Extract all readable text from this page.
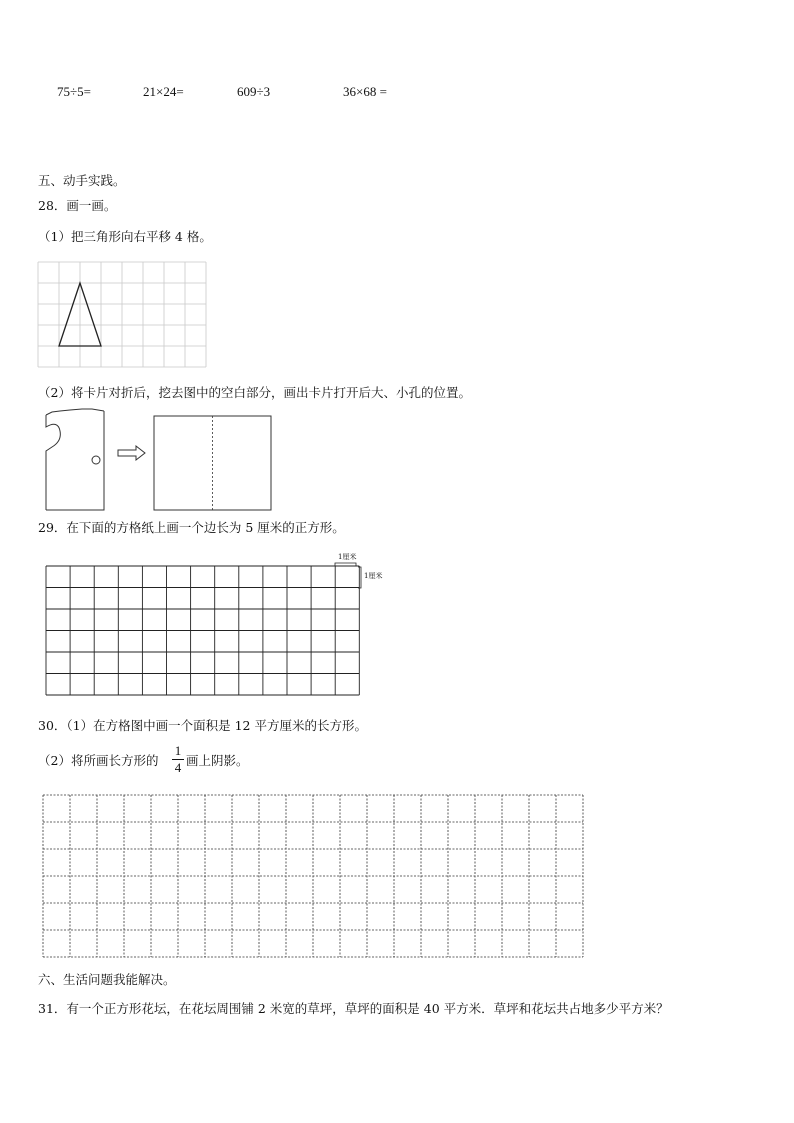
75÷5=	21×24=	609÷3	36×68 =
五、动手实践。
28．画一画。
（1）把三角形向右平移 4 格。
（2）将卡片对折后，挖去图中的空白部分，画出卡片打开后大、小孔的位置。
29．在下面的方格纸上画一个边长为 5 厘米的正方形。
1厘米
1厘米
30．（1）在方格图中画一个面积是 12 平方厘米的长方形。
（2）将所画长方形的
1
4 画上阴影。
六、生活问题我能解决。
31．有一个正方形花坛，在花坛周围铺 2 米宽的草坪，草坪的面积是 40 平方米．草坪和花坛共占地多少平方米？
